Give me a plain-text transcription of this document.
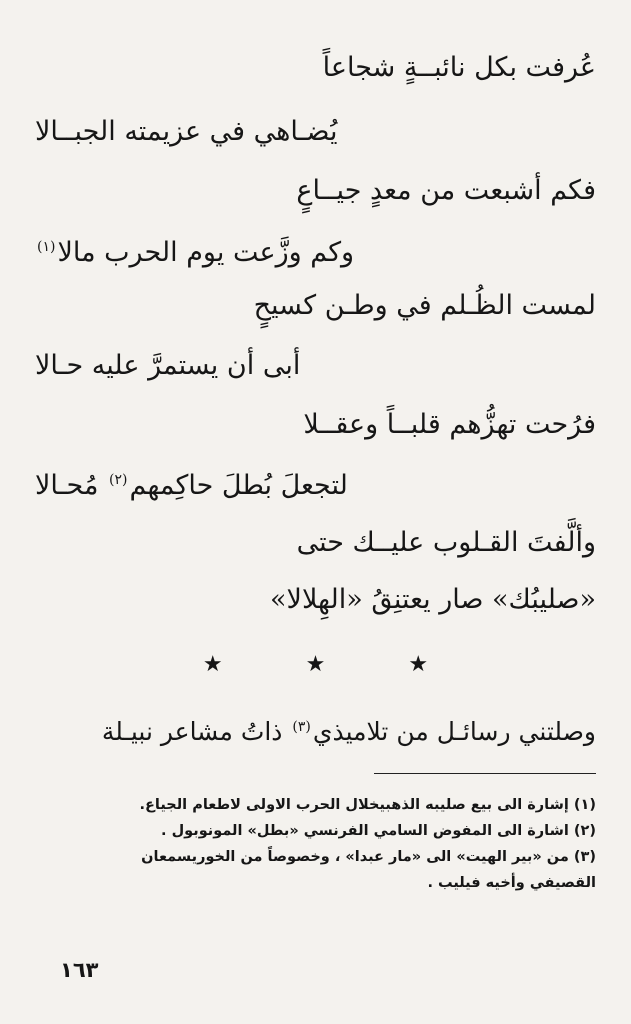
عُرفت بكل نائبــةٍ شجاعاً
يُضـاهي في عزيمته الجبــالا
فكم أشبعت من معدٍ جيــاعٍ
وكم وزَّعت يوم الحرب مالا$^{(١)}$
لمست الظُـلم في وطـن كسيحٍ
أبى أن يستمرَّ عليه حـالا
فرُحت تهزُّهم قلبــاً وعقــلا
لتجعلَ بُطلَ حاكِمهم$^{(٢)}$ مُحـالا
وألَّفتَ القـلوب عليــك حتى
«صليبُك» صار يعتنِقُ «الهِلالا»
★ ★ ★
وصلتني رسائـل من تلاميذي$^{(٣)}$ ذاتُ مشاعر نبيـلة
(١) إشارة الى بيع صليبه الذهبيخلال الحرب الاولى لاطعام الجياع.
(٢) اشارة الى المفوض السامي الفرنسي «بطل» المونوبول .
(٣) من «بير الهيت» الى «مار عبدا» ، وخصوصاً من الخوريسمعان
القصيفي وأخيه فيليب .
١٦٣
